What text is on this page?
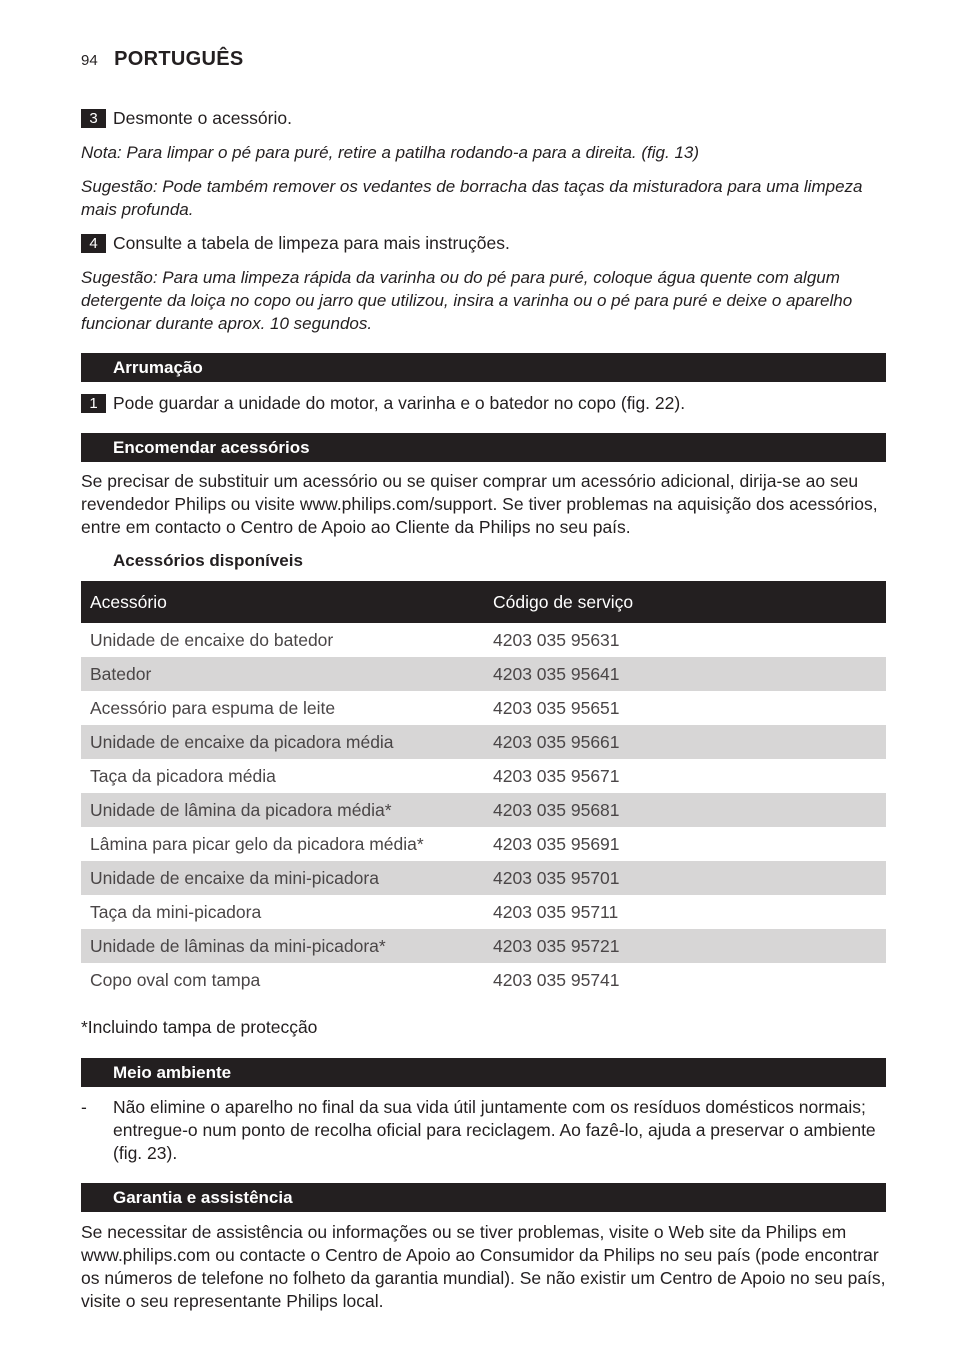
94 PORTUGUÊS
3 Desmonte o acessório.
Nota: Para limpar o pé para puré, retire a patilha rodando-a para a direita. (fig. 13)
Sugestão: Pode também remover os vedantes de borracha das taças da misturadora para uma limpeza mais profunda.
4 Consulte a tabela de limpeza para mais instruções.
Sugestão: Para uma limpeza rápida da varinha ou do pé para puré, coloque água quente com algum detergente da loiça no copo ou jarro que utilizou, insira a varinha ou o pé para puré e deixe o aparelho funcionar durante aprox. 10 segundos.
Arrumação
1 Pode guardar a unidade do motor, a varinha e o batedor no copo (fig. 22).
Encomendar acessórios
Se precisar de substituir um acessório ou se quiser comprar um acessório adicional, dirija-se ao seu revendedor Philips ou visite www.philips.com/support. Se tiver problemas na aquisição dos acessórios, entre em contacto o Centro de Apoio ao Cliente da Philips no seu país.
Acessórios disponíveis
Acessório	Código de serviço
Unidade de encaixe do batedor	4203 035 95631
Batedor	4203 035 95641
Acessório para espuma de leite	4203 035 95651
Unidade de encaixe da picadora média	4203 035 95661
Taça da picadora média	4203 035 95671
Unidade de lâmina da picadora média*	4203 035 95681
Lâmina para picar gelo da picadora média*	4203 035 95691
Unidade de encaixe da mini-picadora	4203 035 95701
Taça da mini-picadora	4203 035 95711
Unidade de lâminas da mini-picadora*	4203 035 95721
Copo oval com tampa	4203 035 95741
*Incluindo tampa de protecção
Meio ambiente
-	Não elimine o aparelho no final da sua vida útil juntamente com os resíduos domésticos normais; entregue-o num ponto de recolha oficial para reciclagem. Ao fazê-lo, ajuda a preservar o ambiente (fig. 23).
Garantia e assistência
Se necessitar de assistência ou informações ou se tiver problemas, visite o Web site da Philips em www.philips.com ou contacte o Centro de Apoio ao Consumidor da Philips no seu país (pode encontrar os números de telefone no folheto da garantia mundial). Se não existir um Centro de Apoio no seu país, visite o seu representante Philips local.
